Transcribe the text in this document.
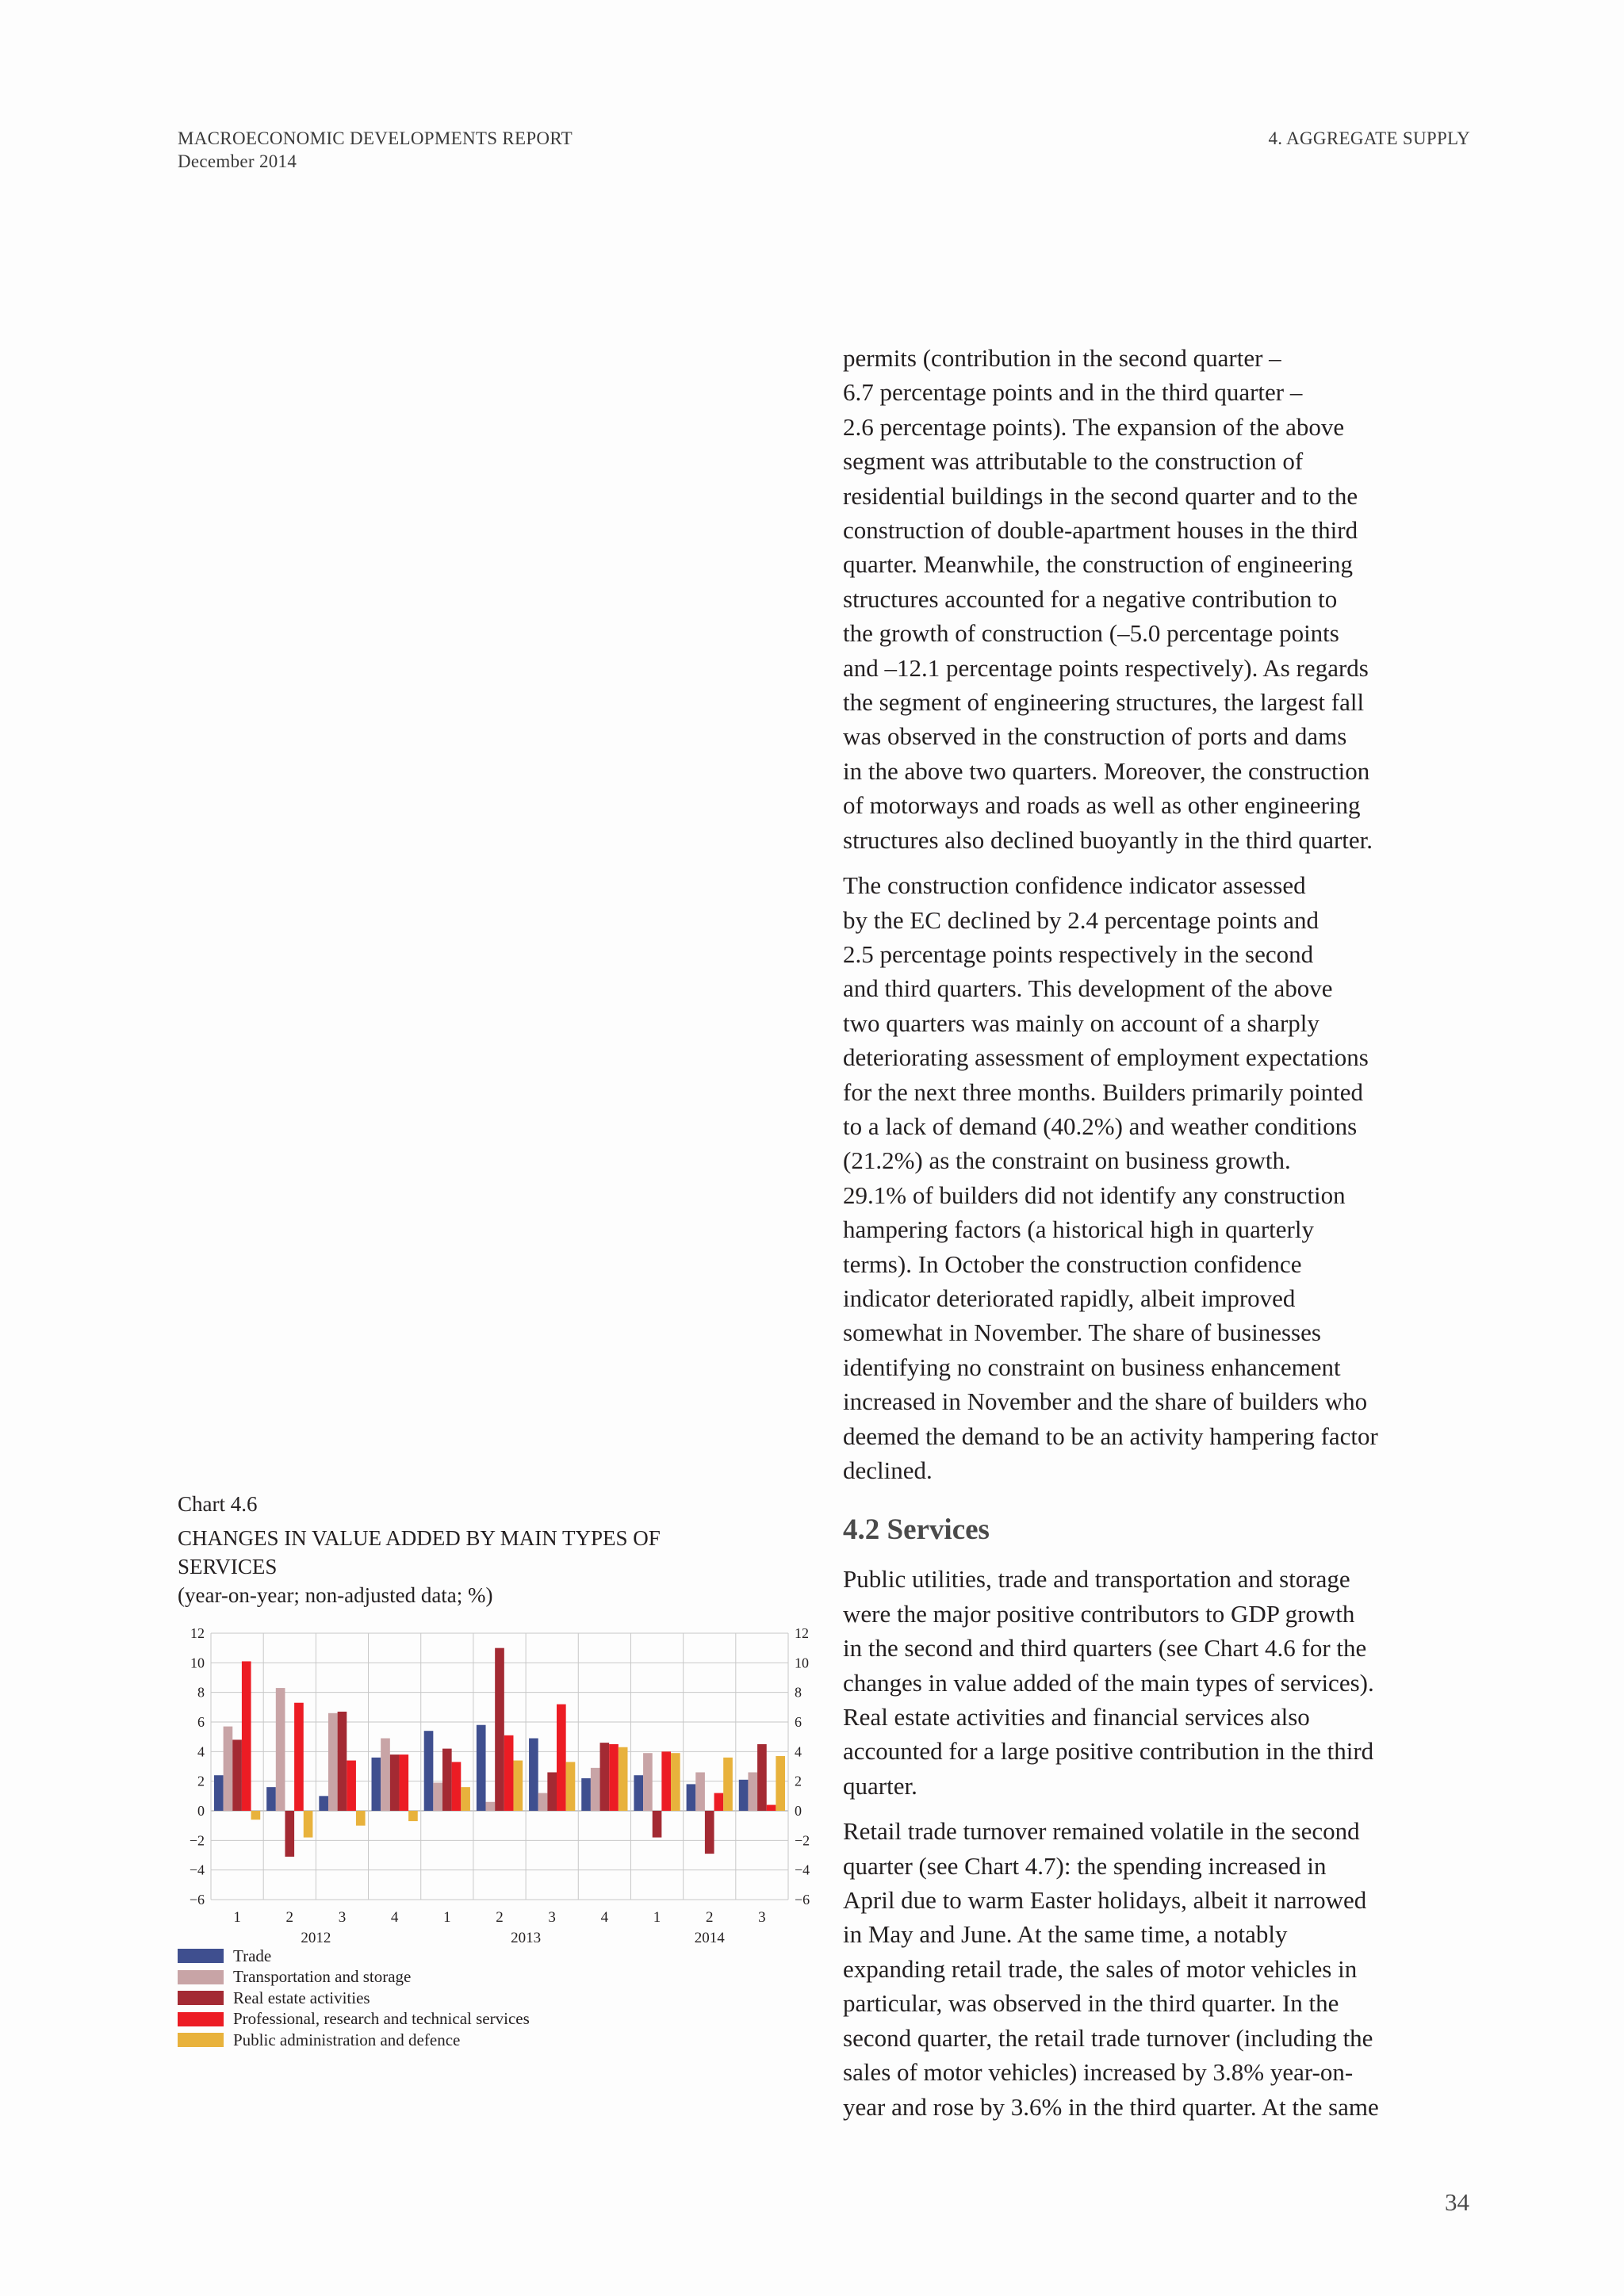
MACROECONOMIC DEVELOPMENTS REPORT
December 2014
4. AGGREGATE SUPPLY
permits (contribution in the second quarter –
6.7 percentage points and in the third quarter –
2.6 percentage points). The expansion of the above
segment was attributable to the construction of
residential buildings in the second quarter and to the
construction of double-apartment houses in the third
quarter. Meanwhile, the construction of engineering
structures accounted for a negative contribution to
the growth of construction (–5.0 percentage points
and –12.1 percentage points respectively). As regards
the segment of engineering structures, the largest fall
was observed in the construction of ports and dams
in the above two quarters. Moreover, the construction
of motorways and roads as well as other engineering
structures also declined buoyantly in the third quarter.
The construction confidence indicator assessed
by the EC declined by 2.4 percentage points and
2.5 percentage points respectively in the second
and third quarters. This development of the above
two quarters was mainly on account of a sharply
deteriorating assessment of employment expectations
for the next three months. Builders primarily pointed
to a lack of demand (40.2%) and weather conditions
(21.2%) as the constraint on business growth.
29.1% of builders did not identify any construction
hampering factors (a historical high in quarterly
terms). In October the construction confidence
indicator deteriorated rapidly, albeit improved
somewhat in November. The share of businesses
identifying no constraint on business enhancement
increased in November and the share of builders who
deemed the demand to be an activity hampering factor
declined.
4.2 Services
Public utilities, trade and transportation and storage
were the major positive contributors to GDP growth
in the second and third quarters (see Chart 4.6 for the
changes in value added of the main types of services).
Real estate activities and financial services also
accounted for a large positive contribution in the third
quarter.
Retail trade turnover remained volatile in the second
quarter (see Chart 4.7): the spending increased in
April due to warm Easter holidays, albeit it narrowed
in May and June. At the same time, a notably
expanding retail trade, the sales of motor vehicles in
particular, was observed in the third quarter. In the
second quarter, the retail trade turnover (including the
sales of motor vehicles) increased by 3.8% year-on-
year and rose by 3.6% in the third quarter. At the same
Chart 4.6
CHANGES IN VALUE ADDED BY MAIN TYPES OF
SERVICES
(year-on-year; non-adjusted data; %)
12	12
10	10
8	8
6	6
4	4
2	2
0	0
−2	−2
−4	−4
−6	−6
1	2	3	4	1	2	3	4	1	2	3
2012	2013	2014
Trade
Transportation and storage
Real estate activities
Professional, research and technical services
Public administration and defence
34
